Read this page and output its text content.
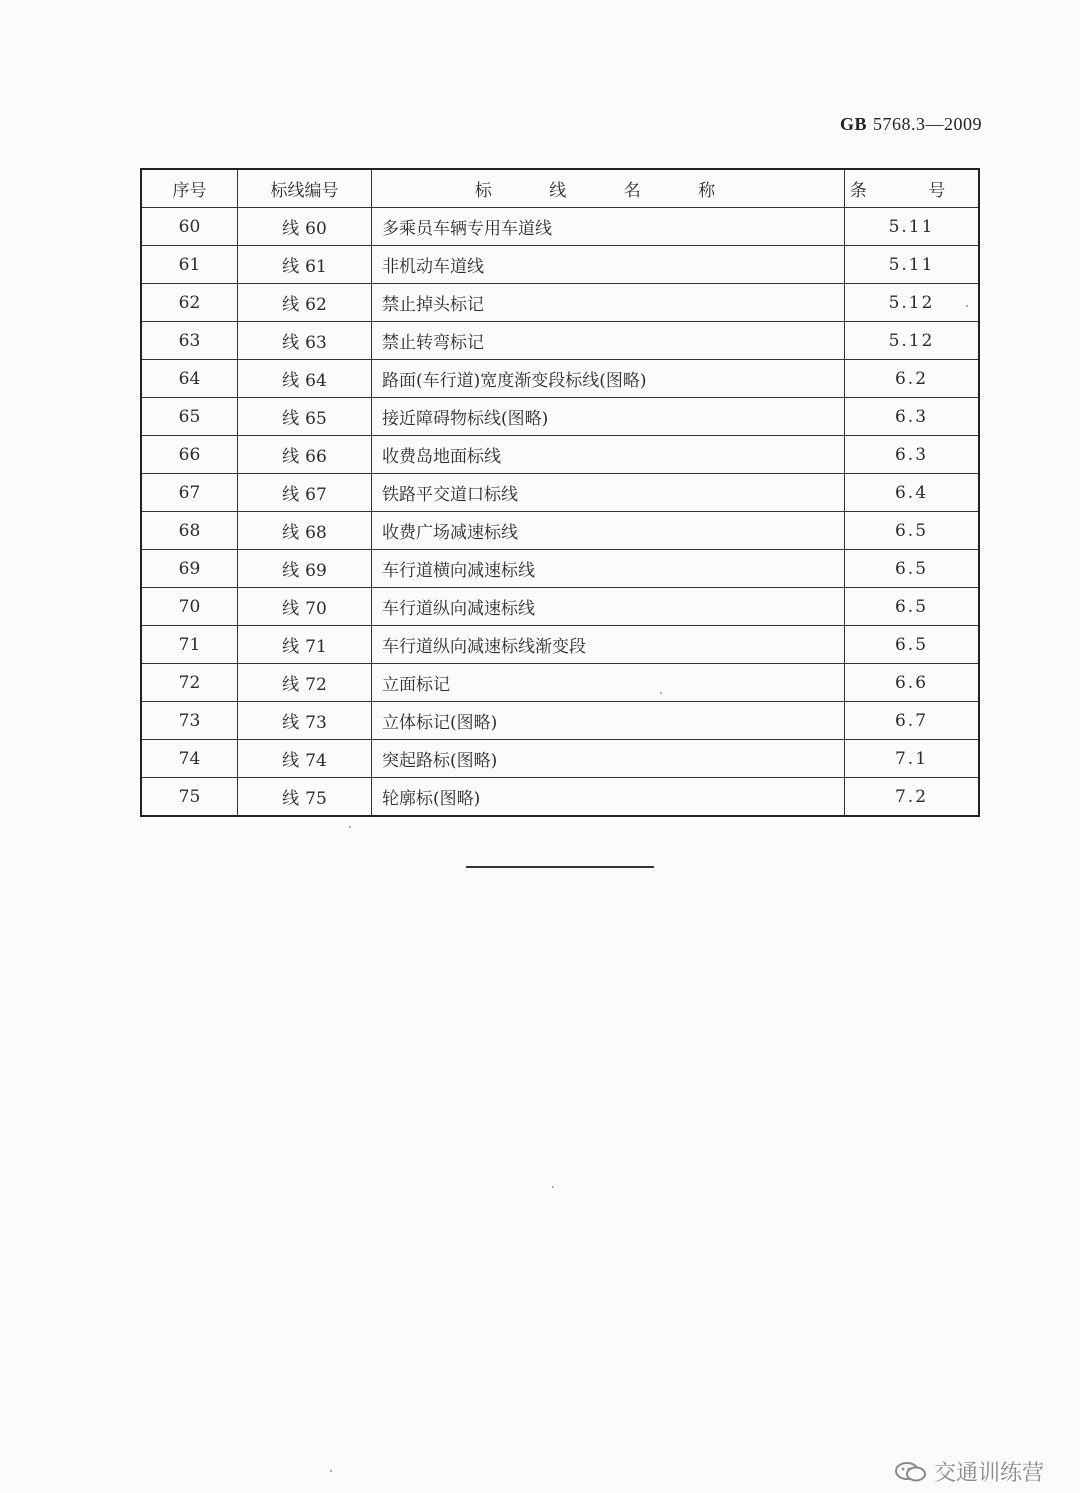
GB 5768.3—2009
序号	标线编号	标 线 名 称	条 号
60	线 60	多乘员车辆专用车道线	5.11
61	线 61	非机动车道线	5.11
62	线 62	禁止掉头标记	5.12
63	线 63	禁止转弯标记	5.12
64	线 64	路面(车行道)宽度渐变段标线(图略)	6.2
65	线 65	接近障碍物标线(图略)	6.3
66	线 66	收费岛地面标线	6.3
67	线 67	铁路平交道口标线	6.4
68	线 68	收费广场减速标线	6.5
69	线 69	车行道横向减速标线	6.5
70	线 70	车行道纵向减速标线	6.5
71	线 71	车行道纵向减速标线渐变段	6.5
72	线 72	立面标记	6.6
73	线 73	立体标记(图略)	6.7
74	线 74	突起路标(图略)	7.1
75	线 75	轮廓标(图略)	7.2
交通训练营
